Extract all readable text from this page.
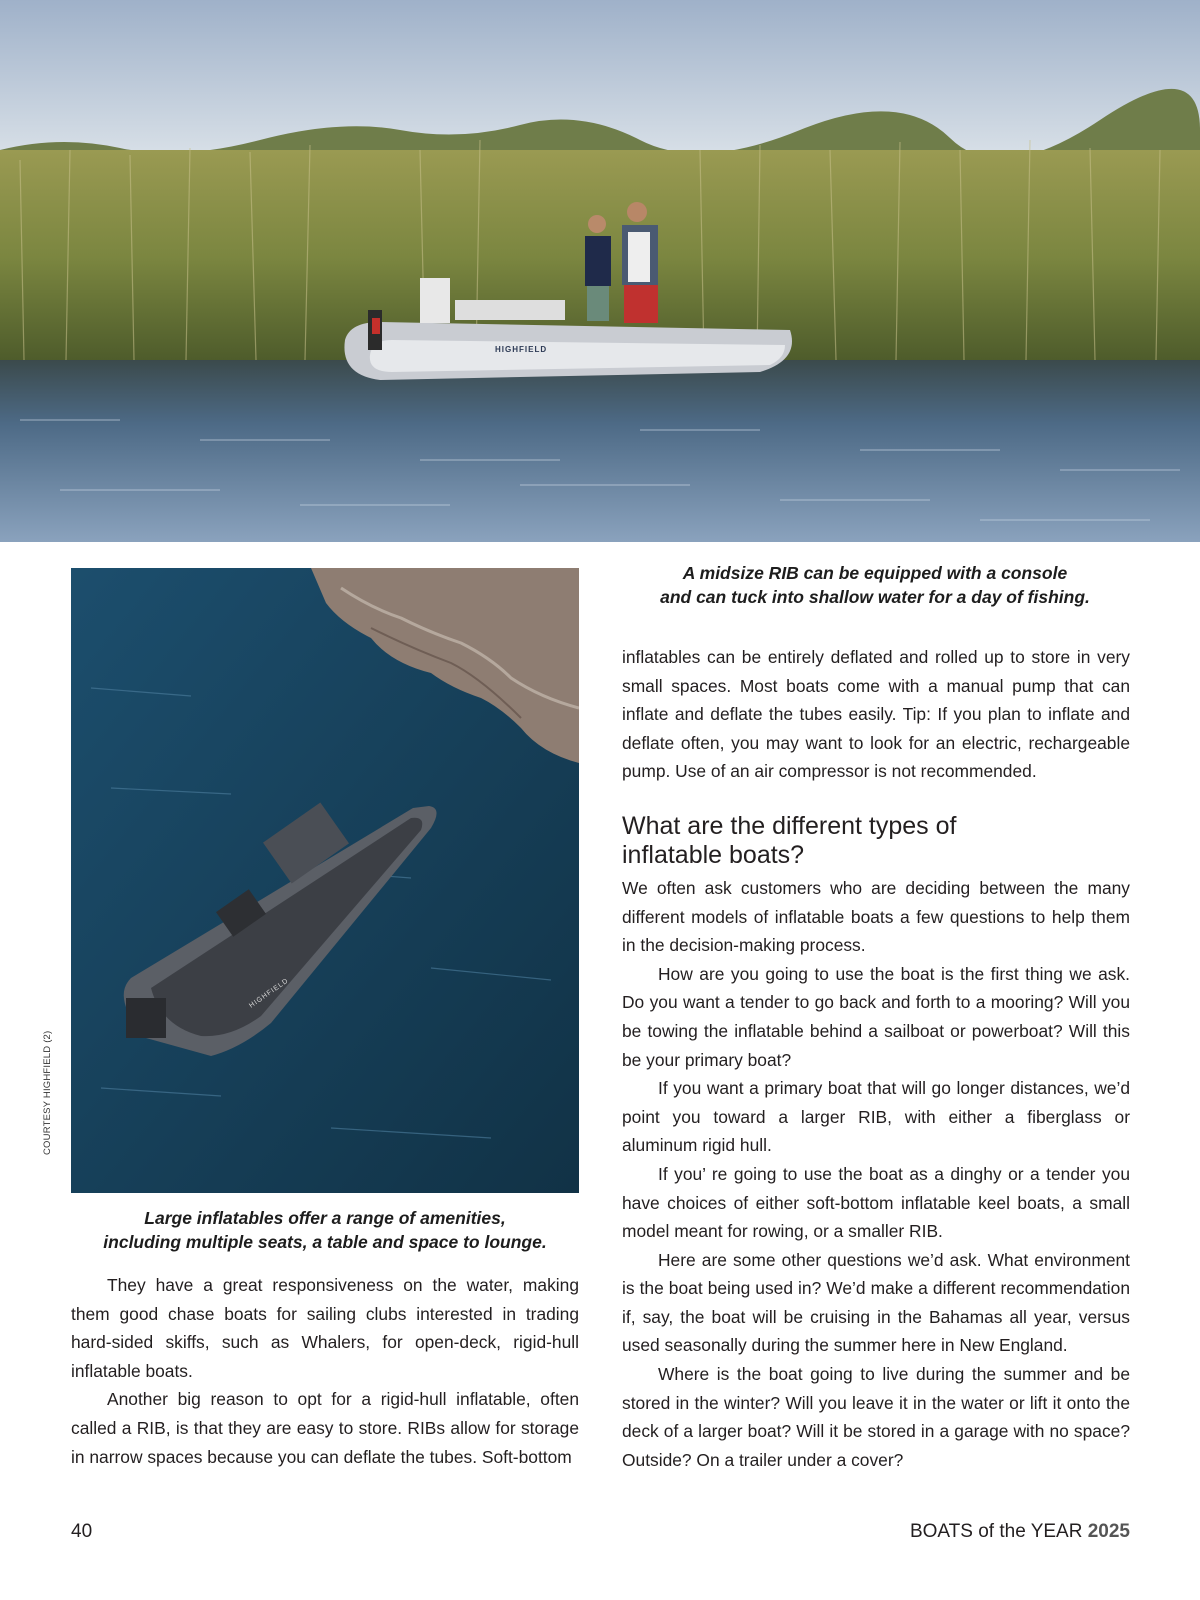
HIGHFIELD
HIGHFIELD
COURTESY HIGHFIELD (2)
A midsize RIB can be equipped with a console
and can tuck into shallow water for a day of fishing.
Large inflatables offer a range of amenities,
including multiple seats, a table and space to lounge.

They have a great responsiveness on the water, making them good chase boats for sailing clubs interested in trading hard-sided skiffs, such as Whalers, for open-deck, rigid-hull inflatable boats.

Another big reason to opt for a rigid-hull inflatable, often called a RIB, is that they are easy to store. RIBs allow for storage in narrow spaces because you can deflate the tubes. Soft-bottom

inflatables can be entirely deflated and rolled up to store in very small spaces. Most boats come with a manual pump that can inflate and deflate the tubes easily. Tip: If you plan to inflate and deflate often, you may want to look for an electric, rechargeable pump. Use of an air compressor is not recommended.

What are the different types of
inflatable boats?

We often ask customers who are deciding between the many different models of inflatable boats a few questions to help them in the decision-making process.

How are you going to use the boat is the first thing we ask. Do you want a tender to go back and forth to a mooring? Will you be towing the inflatable behind a sailboat or powerboat? Will this be your primary boat?

If you want a primary boat that will go longer distances, we’d point you toward a larger RIB, with either a fiberglass or aluminum rigid hull.

If you’ re going to use the boat as a dinghy or a tender you have choices of either soft-bottom inflatable keel boats, a small model meant for rowing, or a smaller RIB.

Here are some other questions we’d ask. What environment is the boat being used in? We’d make a different recommendation if, say, the boat will be cruising in the Bahamas all year, versus used seasonally during the summer here in New England.

Where is the boat going to live during the summer and be stored in the winter? Will you leave it in the water or lift it onto the deck of a larger boat? Will it be stored in a garage with no space? Outside? On a trailer under a cover?

40	BOATS of the YEAR 2025
